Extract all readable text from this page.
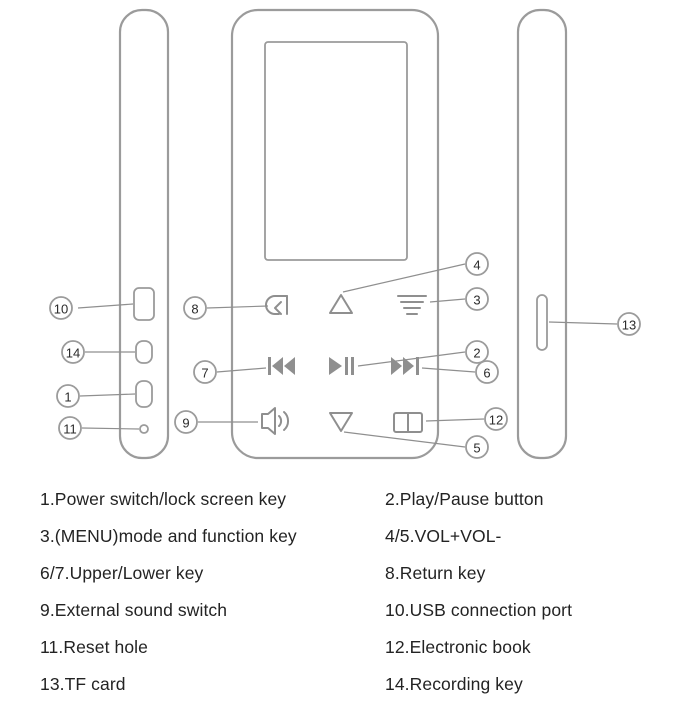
10
14
1
11
8
7
9
4
3
2
6
12
5
13
1.Power switch/lock screen key	2.Play/Pause button
3.(MENU)mode and function key	4/5.VOL+VOL-
6/7.Upper/Lower key	8.Return key
9.External sound switch	10.USB connection port
11.Reset hole	12.Electronic book
13.TF card	14.Recording key
